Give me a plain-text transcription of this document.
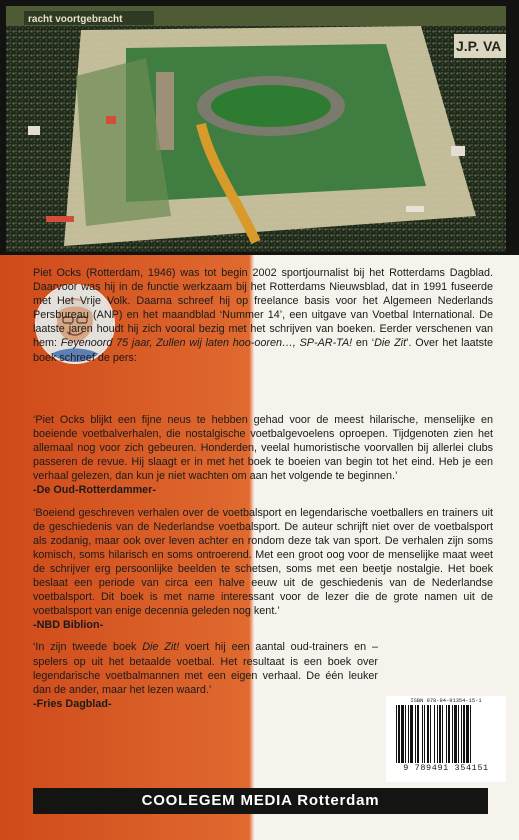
racht voortgebracht
J.P. VA
Piet Ocks (Rotterdam, 1946) was tot begin 2002 sportjournalist bij het Rotterdams Dagblad. Daarvoor was hij in de functie werkzaam bij het Rotterdams Nieuwsblad, dat in 1991 fuseerde met Het Vrije Volk. Daarna schreef hij op freelance basis voor het Algemeen Nederlands Persbureau (ANP) en het maandblad ‘Nummer 14’, een uitgave van Voetbal International. De laatste jaren houdt hij zich vooral bezig met het schrijven van boeken. Eerder verschenen van hem: Feyenoord 75 jaar, Zullen wij laten hoo-ooren…, SP-AR-TA! en ‘Die Zit’. Over het laatste boek schreef de pers:
‘Piet Ocks blijkt een fijne neus te hebben gehad voor de meest hilarische, menselijke en boeiende voetbalverhalen, die nostalgische voetbalgevoelens oproepen. Tijdgenoten zien het allemaal nog voor zich gebeuren. Honderden, veelal humoristische voorvallen bij allerlei clubs passeren de revue. Hij slaagt er in met het boek te boeien van begin tot het eind. Heb je een verhaal gelezen, dan kun je niet wachten om aan het volgende te beginnen.’
-De Oud-Rotterdammer-
‘Boeiend geschreven verhalen over de voetbalsport en legendarische voetballers en trainers uit de geschiedenis van de Nederlandse voetbalsport. De auteur schrijft niet over de voetbalsport als zodanig, maar ook over leven achter en rondom deze tak van sport. De verhalen zijn soms komisch, soms hilarisch en soms ontroerend. Met een groot oog voor de menselijke maat weet de schrijver erg persoonlijke beelden te schetsen, soms met een beetje nostalgie. Het boek beslaat een periode van circa een halve eeuw uit de geschiedenis van de Nederlandse voetbalsport. Dit boek is met name interessant voor de lezer die de grote namen uit de voetbalsport van enige decennia geleden nog kent.’
-NBD Biblion-
‘In zijn tweede boek Die Zit! voert hij een aantal oud-trainers en –spelers op uit het betaalde voetbal. Het resultaat is een boek over legendarische voetbalmannen met een eigen verhaal. De één leuker dan de ander, maar het lezen waard.’
-Fries Dagblad-	ISBN 978-94-91354-15-1
9 789491 354151
COOLEGEM MEDIA Rotterdam
